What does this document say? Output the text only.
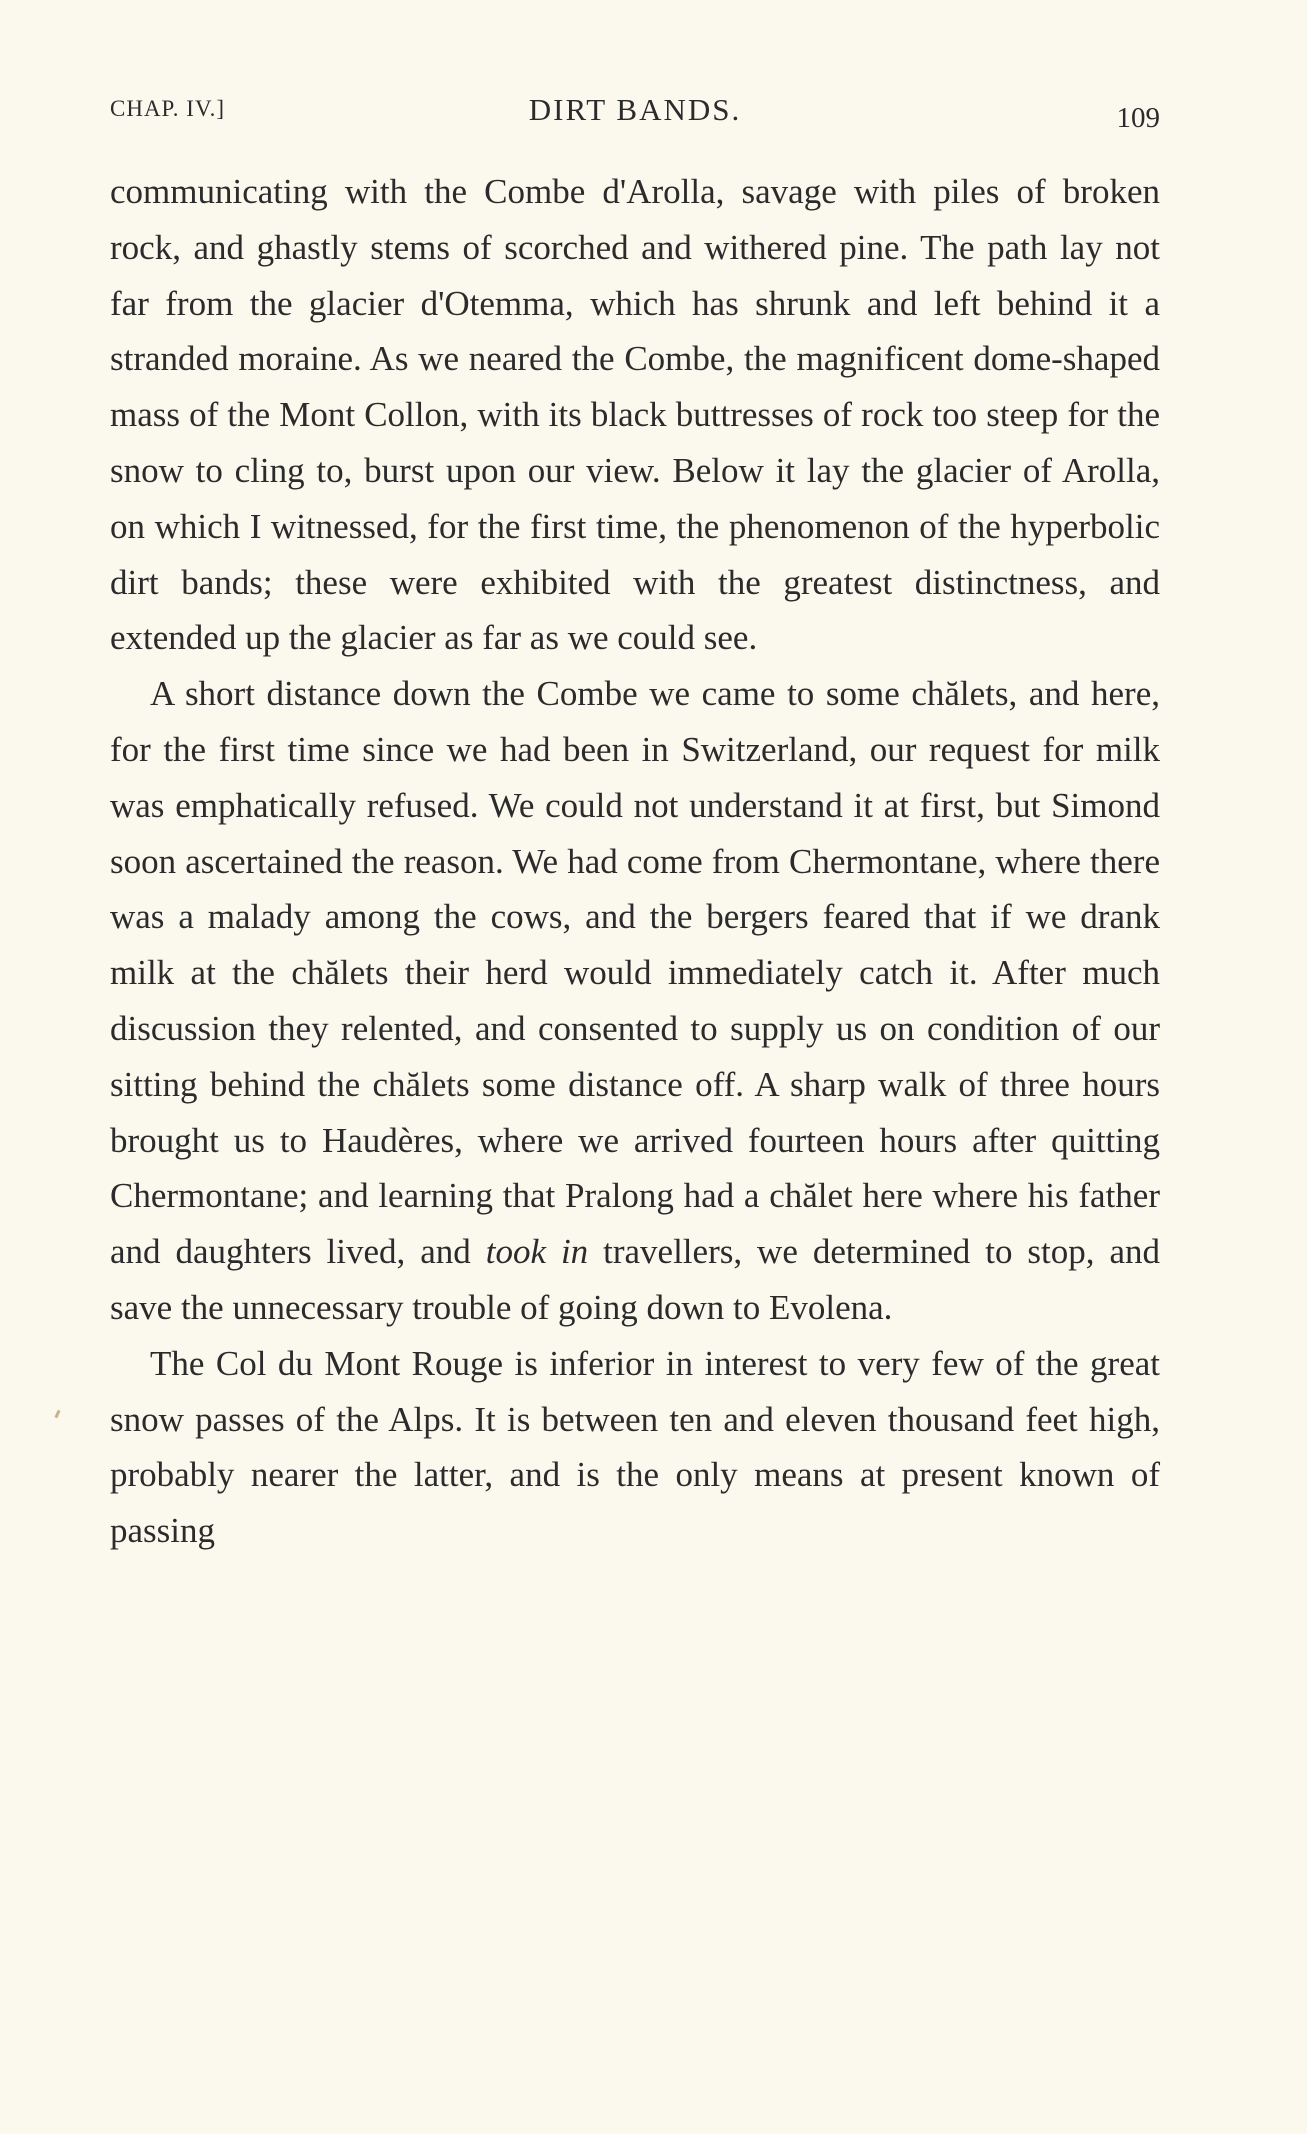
CHAP. IV.]	DIRT BANDS.	109

communicating with the Combe d'Arolla, savage with piles of broken rock, and ghastly stems of scorched and withered pine. The path lay not far from the glacier d'Otemma, which has shrunk and left behind it a stranded moraine. As we neared the Combe, the magnificent dome-shaped mass of the Mont Collon, with its black buttresses of rock too steep for the snow to cling to, burst upon our view. Below it lay the glacier of Arolla, on which I witnessed, for the first time, the phenomenon of the hyperbolic dirt bands; these were exhibited with the greatest distinctness, and extended up the glacier as far as we could see.

A short distance down the Combe we came to some chălets, and here, for the first time since we had been in Switzerland, our request for milk was emphatically refused. We could not understand it at first, but Simond soon ascertained the reason. We had come from Chermontane, where there was a malady among the cows, and the bergers feared that if we drank milk at the chălets their herd would immediately catch it. After much discussion they relented, and consented to supply us on condition of our sitting behind the chălets some distance off. A sharp walk of three hours brought us to Haudères, where we arrived fourteen hours after quitting Chermontane; and learning that Pralong had a chălet here where his father and daughters lived, and took in travellers, we determined to stop, and save the unnecessary trouble of going down to Evolena.

The Col du Mont Rouge is inferior in interest to very few of the great snow passes of the Alps. It is between ten and eleven thousand feet high, probably nearer the latter, and is the only means at present known of passing
